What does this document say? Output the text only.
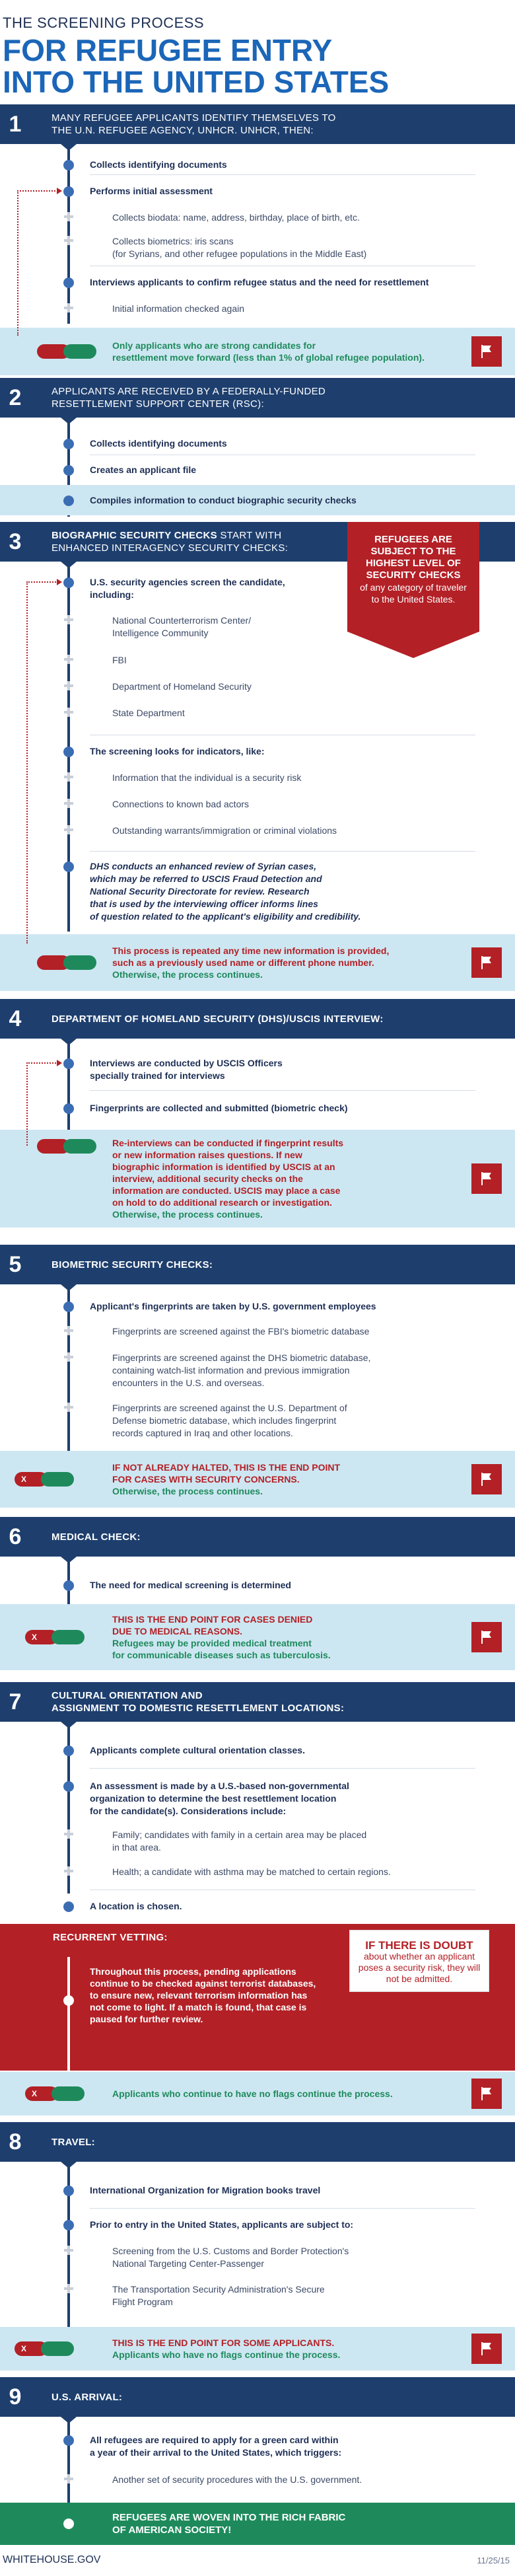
THE SCREENING PROCESS
FOR REFUGEE ENTRY
INTO THE UNITED STATES
1	MANY REFUGEE APPLICANTS IDENTIFY THEMSELVES TO
THE U.N. REFUGEE AGENCY, UNHCR. UNHCR, THEN:
Collects identifying documents
Performs initial assessment
Collects biodata: name, address, birthday, place of birth, etc.
Collects biometrics: iris scans
(for Syrians, and other refugee populations in the Middle East)
Interviews applicants to confirm refugee status and the need for resettlement
Initial information checked again
Only applicants who are strong candidates for
resettlement move forward (less than 1% of global refugee population).
2	APPLICANTS ARE RECEIVED BY A FEDERALLY-FUNDED
RESETTLEMENT SUPPORT CENTER (RSC):
Collects identifying documents
Creates an applicant file
Compiles information to conduct biographic security checks
3	BIOGRAPHIC SECURITY CHECKS START WITH
ENHANCED INTERAGENCY SECURITY CHECKS:
REFUGEES ARE SUBJECT TO THE HIGHEST LEVEL OF SECURITY CHECKS
of any category of traveler to the United States.
U.S. security agencies screen the candidate,
including:
National Counterterrorism Center/
Intelligence Community
FBI
Department of Homeland Security
State Department
The screening looks for indicators, like:
Information that the individual is a security risk
Connections to known bad actors
Outstanding warrants/immigration or criminal violations
DHS conducts an enhanced review of Syrian cases,
which may be referred to USCIS Fraud Detection and
National Security Directorate for review. Research
that is used by the interviewing officer informs lines
of question related to the applicant's eligibility and credibility.
This process is repeated any time new information is provided,
such as a previously used name or different phone number.
Otherwise, the process continues.
4	DEPARTMENT OF HOMELAND SECURITY (DHS)/USCIS INTERVIEW:
Interviews are conducted by USCIS Officers
specially trained for interviews
Fingerprints are collected and submitted (biometric check)
Re-interviews can be conducted if fingerprint results
or new information raises questions. If new
biographic information is identified by USCIS at an
interview, additional security checks on the
information are conducted. USCIS may place a case
on hold to do additional research or investigation.
Otherwise, the process continues.
5	BIOMETRIC SECURITY CHECKS:
Applicant's fingerprints are taken by U.S. government employees
Fingerprints are screened against the FBI's biometric database
Fingerprints are screened against the DHS biometric database,
containing watch-list information and previous immigration
encounters in the U.S. and overseas.
Fingerprints are screened against the U.S. Department of
Defense biometric database, which includes fingerprint
records captured in Iraq and other locations.
X
IF NOT ALREADY HALTED, THIS IS THE END POINT
FOR CASES WITH SECURITY CONCERNS.
Otherwise, the process continues.
6	MEDICAL CHECK:
The need for medical screening is determined
X
THIS IS THE END POINT FOR CASES DENIED
DUE TO MEDICAL REASONS.
Refugees may be provided medical treatment
for communicable diseases such as tuberculosis.
7	CULTURAL ORIENTATION AND
ASSIGNMENT TO DOMESTIC RESETTLEMENT LOCATIONS:
Applicants complete cultural orientation classes.
An assessment is made by a U.S.-based non-governmental
organization to determine the best resettlement location
for the candidate(s). Considerations include:
Family; candidates with family in a certain area may be placed
in that area.
Health; a candidate with asthma may be matched to certain regions.
A location is chosen.
RECURRENT VETTING:
Throughout this process, pending applications
continue to be checked against terrorist databases,
to ensure new, relevant terrorism information has
not come to light. If a match is found, that case is
paused for further review.
IF THERE IS DOUBT
about whether an applicant poses a security risk, they will not be admitted.
X	Applicants who continue to have no flags continue the process.
8	TRAVEL:
International Organization for Migration books travel
Prior to entry in the United States, applicants are subject to:
Screening from the U.S. Customs and Border Protection's
National Targeting Center-Passenger
The Transportation Security Administration's Secure
Flight Program
X
THIS IS THE END POINT FOR SOME APPLICANTS.
Applicants who have no flags continue the process.
9	U.S. ARRIVAL:
All refugees are required to apply for a green card within
a year of their arrival to the United States, which triggers:
Another set of security procedures with the U.S. government.
REFUGEES ARE WOVEN INTO THE RICH FABRIC
OF AMERICAN SOCIETY!
WHITEHOUSE.GOV	11/25/15
